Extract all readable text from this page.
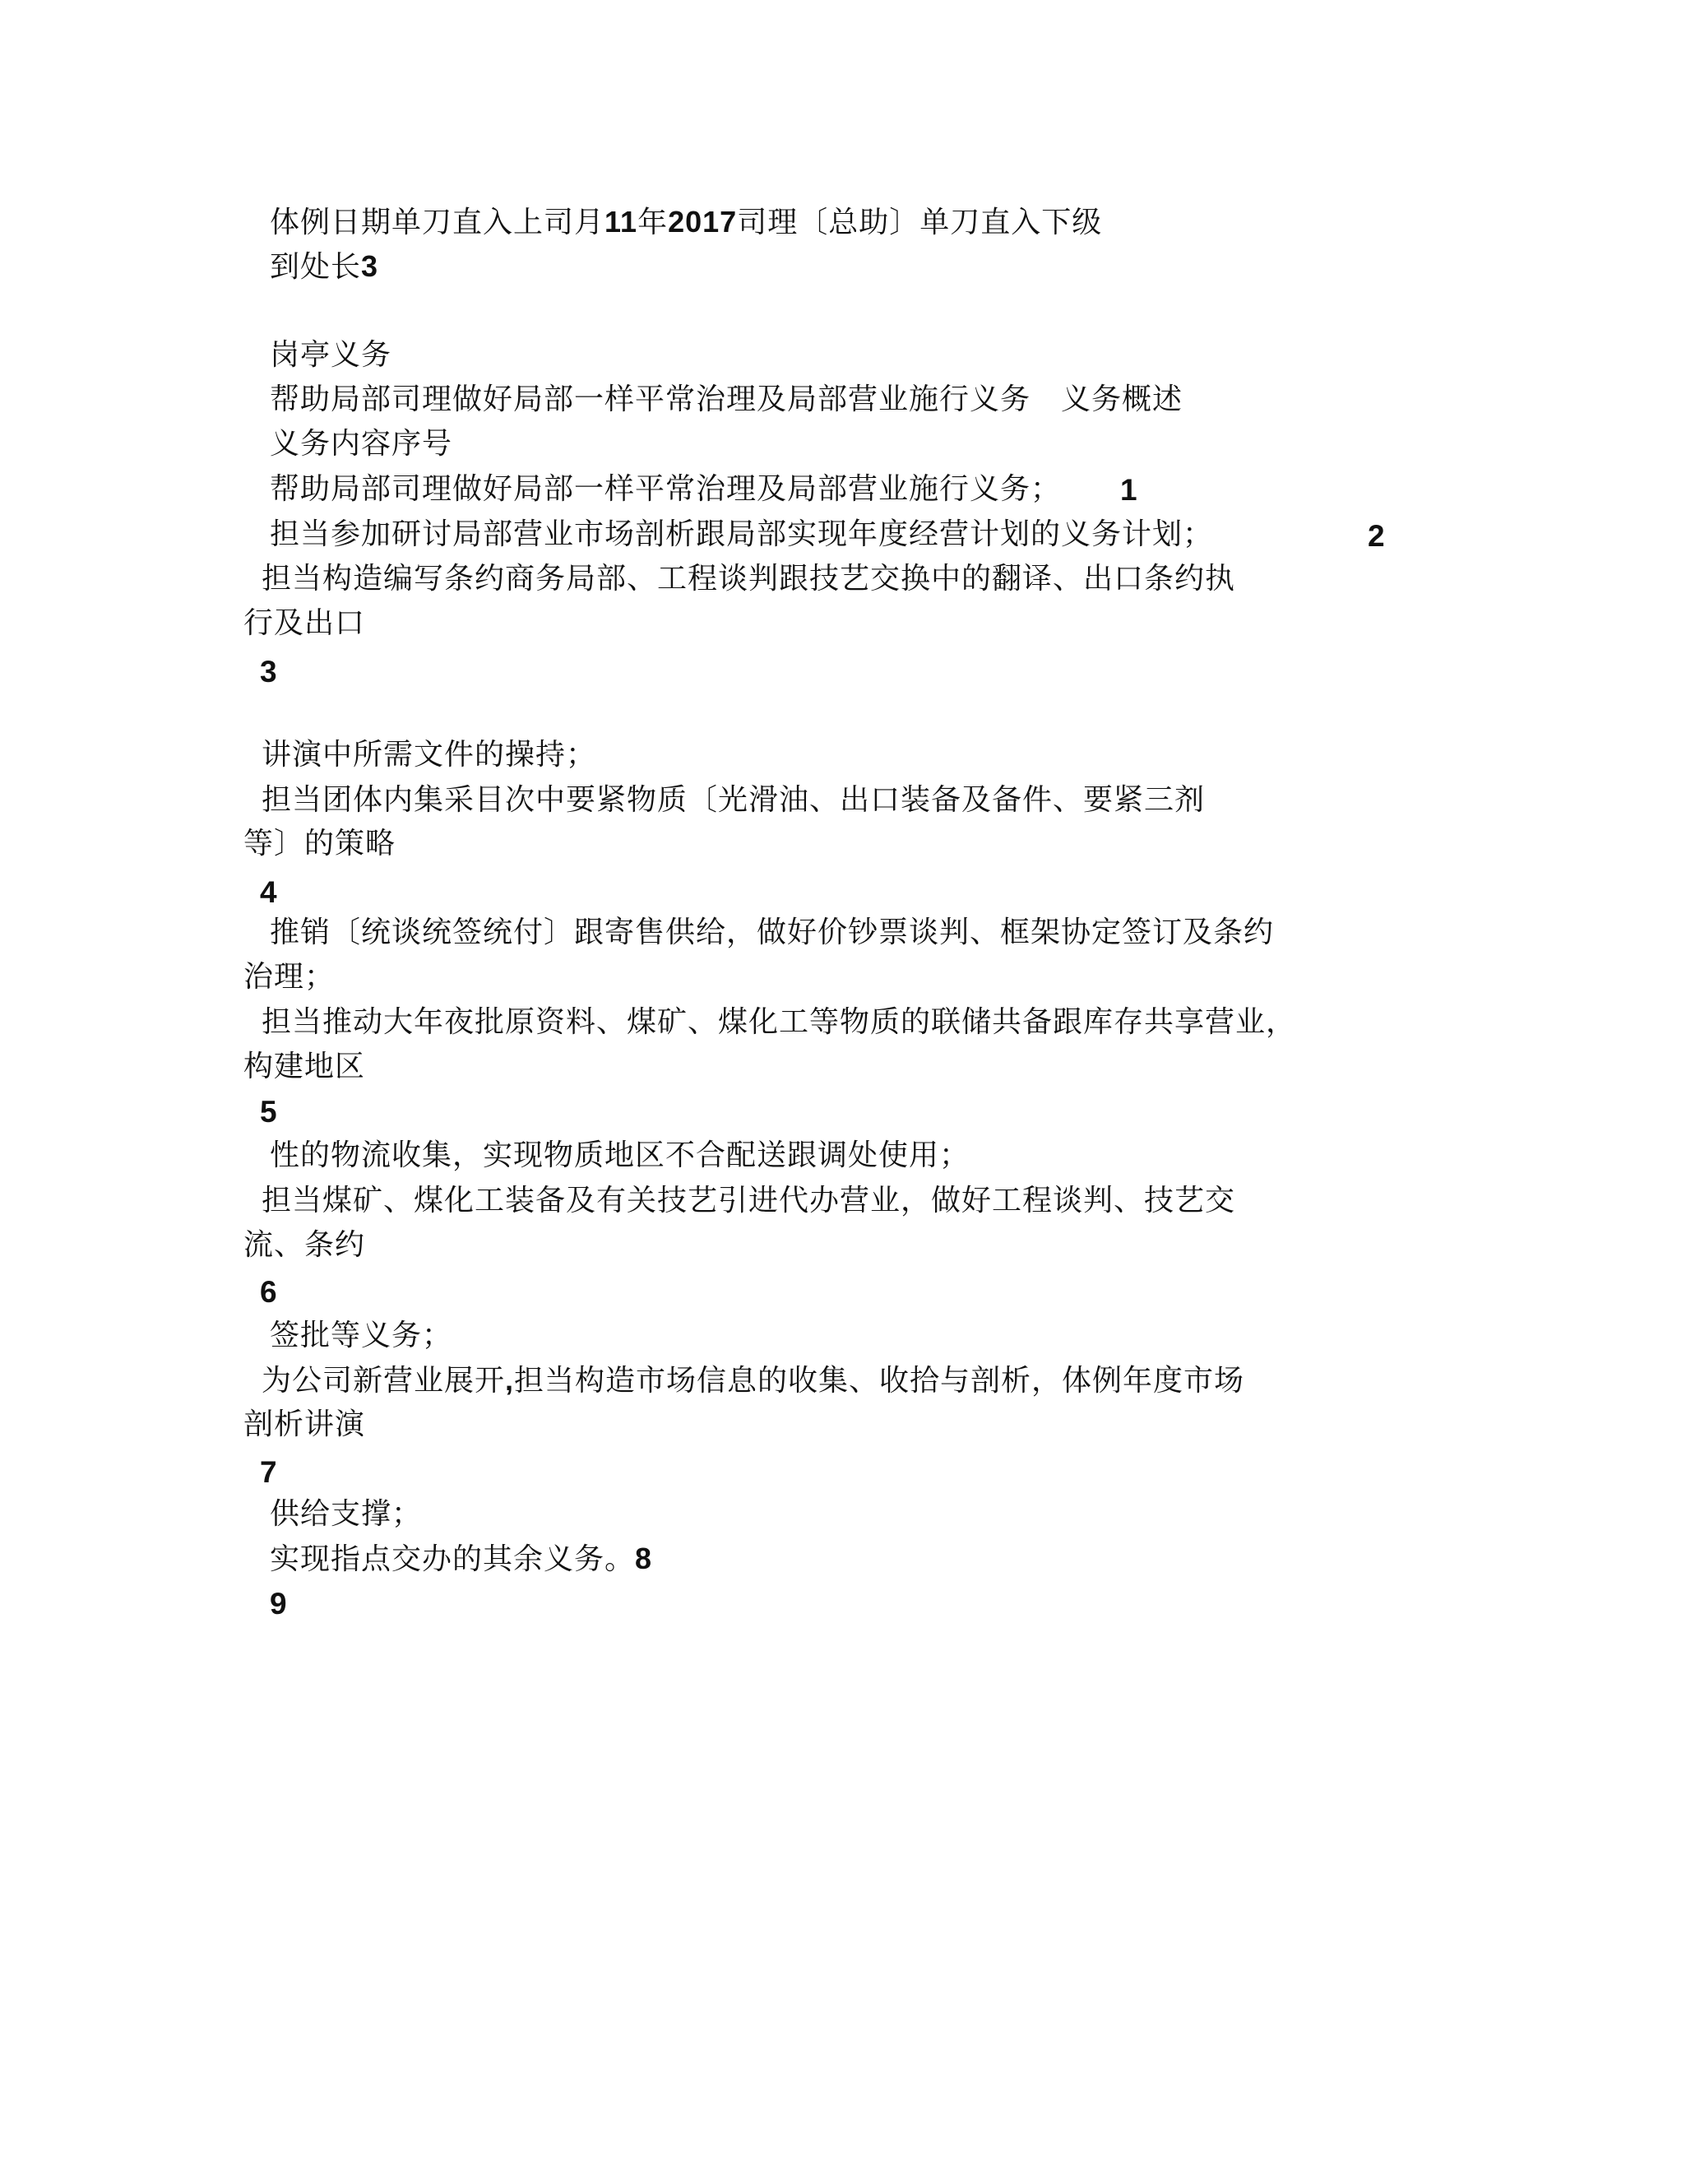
体例日期单刀直入上司月11年2017司理〔总助〕单刀直入下级
到处长3
岗亭义务
帮助局部司理做好局部一样平常治理及局部营业施行义务　义务概述
义务内容序号
帮助局部司理做好局部一样平常治理及局部营业施行义务； 1
担当参加研讨局部营业市场剖析跟局部实现年度经营计划的义务计划；	2
担当构造编写条约商务局部、工程谈判跟技艺交换中的翻译、出口条约执
行及出口
3
讲演中所需文件的操持；
担当团体内集采目次中要紧物质〔光滑油、出口装备及备件、要紧三剂
等〕的策略
4
推销〔统谈统签统付〕跟寄售供给，做好价钞票谈判、框架协定签订及条约
治理；
担当推动大年夜批原资料、煤矿、煤化工等物质的联储共备跟库存共享营业，
构建地区
5
性的物流收集，实现物质地区不合配送跟调处使用；
担当煤矿、煤化工装备及有关技艺引进代办营业，做好工程谈判、技艺交
流、条约
6
签批等义务；
为公司新营业展开,担当构造市场信息的收集、收拾与剖析，体例年度市场
剖析讲演
7
供给支撑；
实现指点交办的其余义务。8
9
